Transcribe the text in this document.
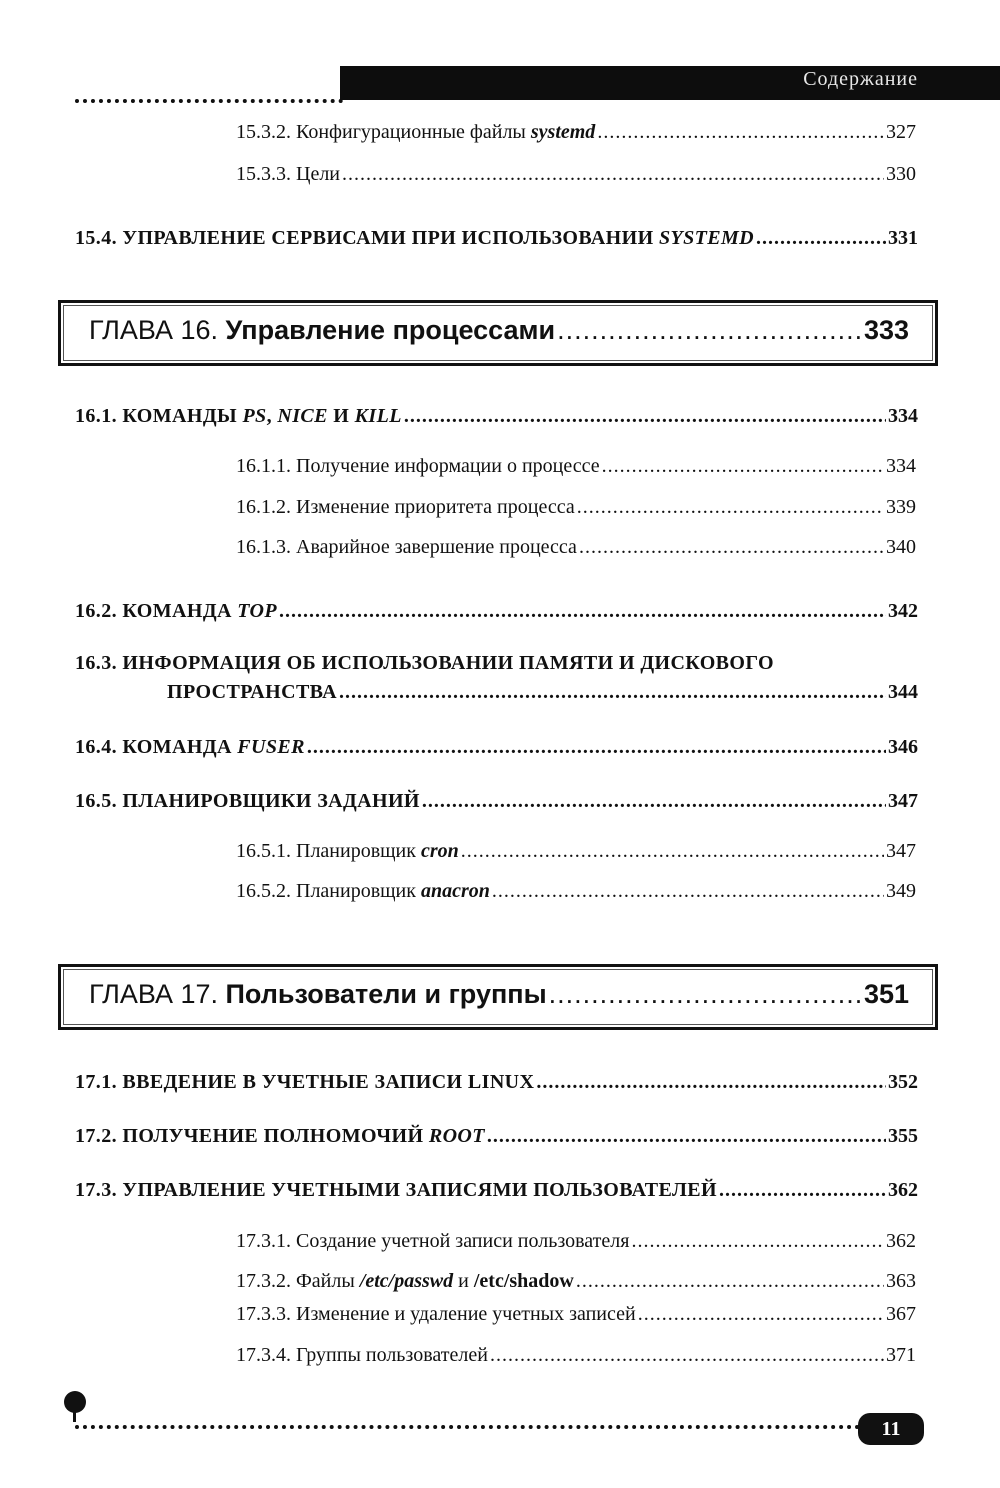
Содержание
15.3.2. Конфигурационные файлы systemd .....	327
15.3.3. Цели .....	330
15.4. УПРАВЛЕНИЕ СЕРВИСАМИ ПРИ ИСПОЛЬЗОВАНИИ SYSTEMD .....	331
ГЛАВА 16. Управление процессами .....	333
16.1. КОМАНДЫ PS, NICE И KILL .....	334
16.1.1. Получение информации о процессе .....	334
16.1.2. Изменение приоритета процесса .....	339
16.1.3. Аварийное завершение процесса .....	340
16.2. КОМАНДА TOP .....	342
16.3. ИНФОРМАЦИЯ ОБ ИСПОЛЬЗОВАНИИ ПАМЯТИ И ДИСКОВОГО
ПРОСТРАНСТВА .....	344
16.4. КОМАНДА FUSER .....	346
16.5. ПЛАНИРОВЩИКИ ЗАДАНИЙ .....	347
16.5.1. Планировщик cron .....	347
16.5.2. Планировщик anacron .....	349
ГЛАВА 17. Пользователи и группы .....	351
17.1. ВВЕДЕНИЕ В УЧЕТНЫЕ ЗАПИСИ LINUX .....	352
17.2. ПОЛУЧЕНИЕ ПОЛНОМОЧИЙ ROOT .....	355
17.3. УПРАВЛЕНИЕ УЧЕТНЫМИ ЗАПИСЯМИ ПОЛЬЗОВАТЕЛЕЙ .....	362
17.3.1. Создание учетной записи пользователя .....	362
17.3.2. Файлы /etc/passwd и /etc/shadow .....	363
17.3.3. Изменение и удаление учетных записей .....	367
17.3.4. Группы пользователей .....	371
11
